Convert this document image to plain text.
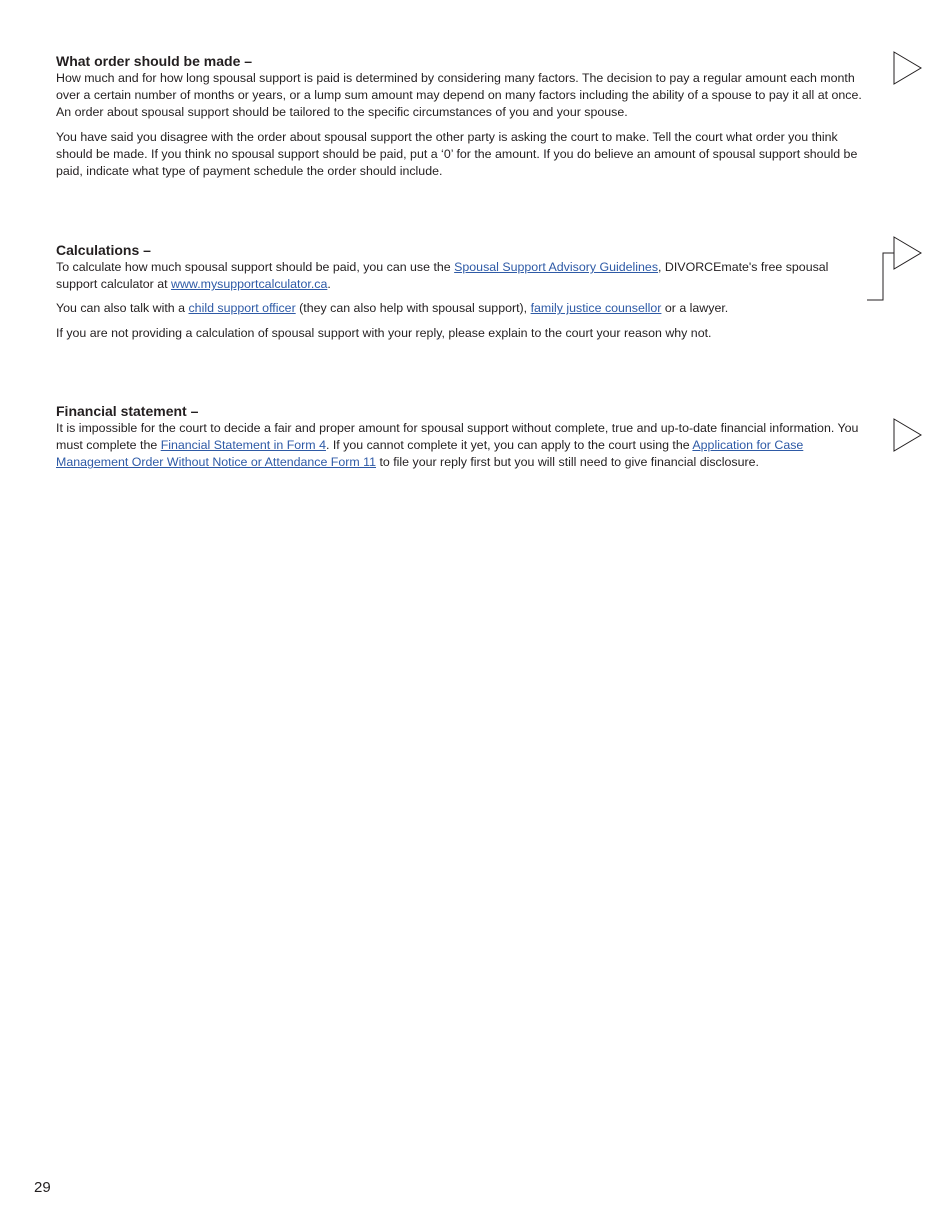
What order should be made –

How much and for how long spousal support is paid is determined by considering many factors. The decision to pay a regular amount each month over a certain number of months or years, or a lump sum amount may depend on many factors including the ability of a spouse to pay it all at once. An order about spousal support should be tailored to the specific circumstances of you and your spouse.

You have said you disagree with the order about spousal support the other party is asking the court to make. Tell the court what order you think should be made. If you think no spousal support should be paid, put a ‘0’ for the amount. If you do believe an amount of spousal support should be paid, indicate what type of payment schedule the order should include.

Calculations –

To calculate how much spousal support should be paid, you can use the Spousal Support Advisory Guidelines, DIVORCEmate's free spousal support calculator at www.mysupportcalculator.ca.

You can also talk with a child support officer (they can also help with spousal support), family justice counsellor or a lawyer.

If you are not providing a calculation of spousal support with your reply, please explain to the court your reason why not.

Financial statement –

It is impossible for the court to decide a fair and proper amount for spousal support without complete, true and up-to-date financial information. You must complete the Financial Statement in Form 4. If you cannot complete it yet, you can apply to the court using the Application for Case Management Order Without Notice or Attendance Form 11 to file your reply first but you will still need to give financial disclosure.

29
